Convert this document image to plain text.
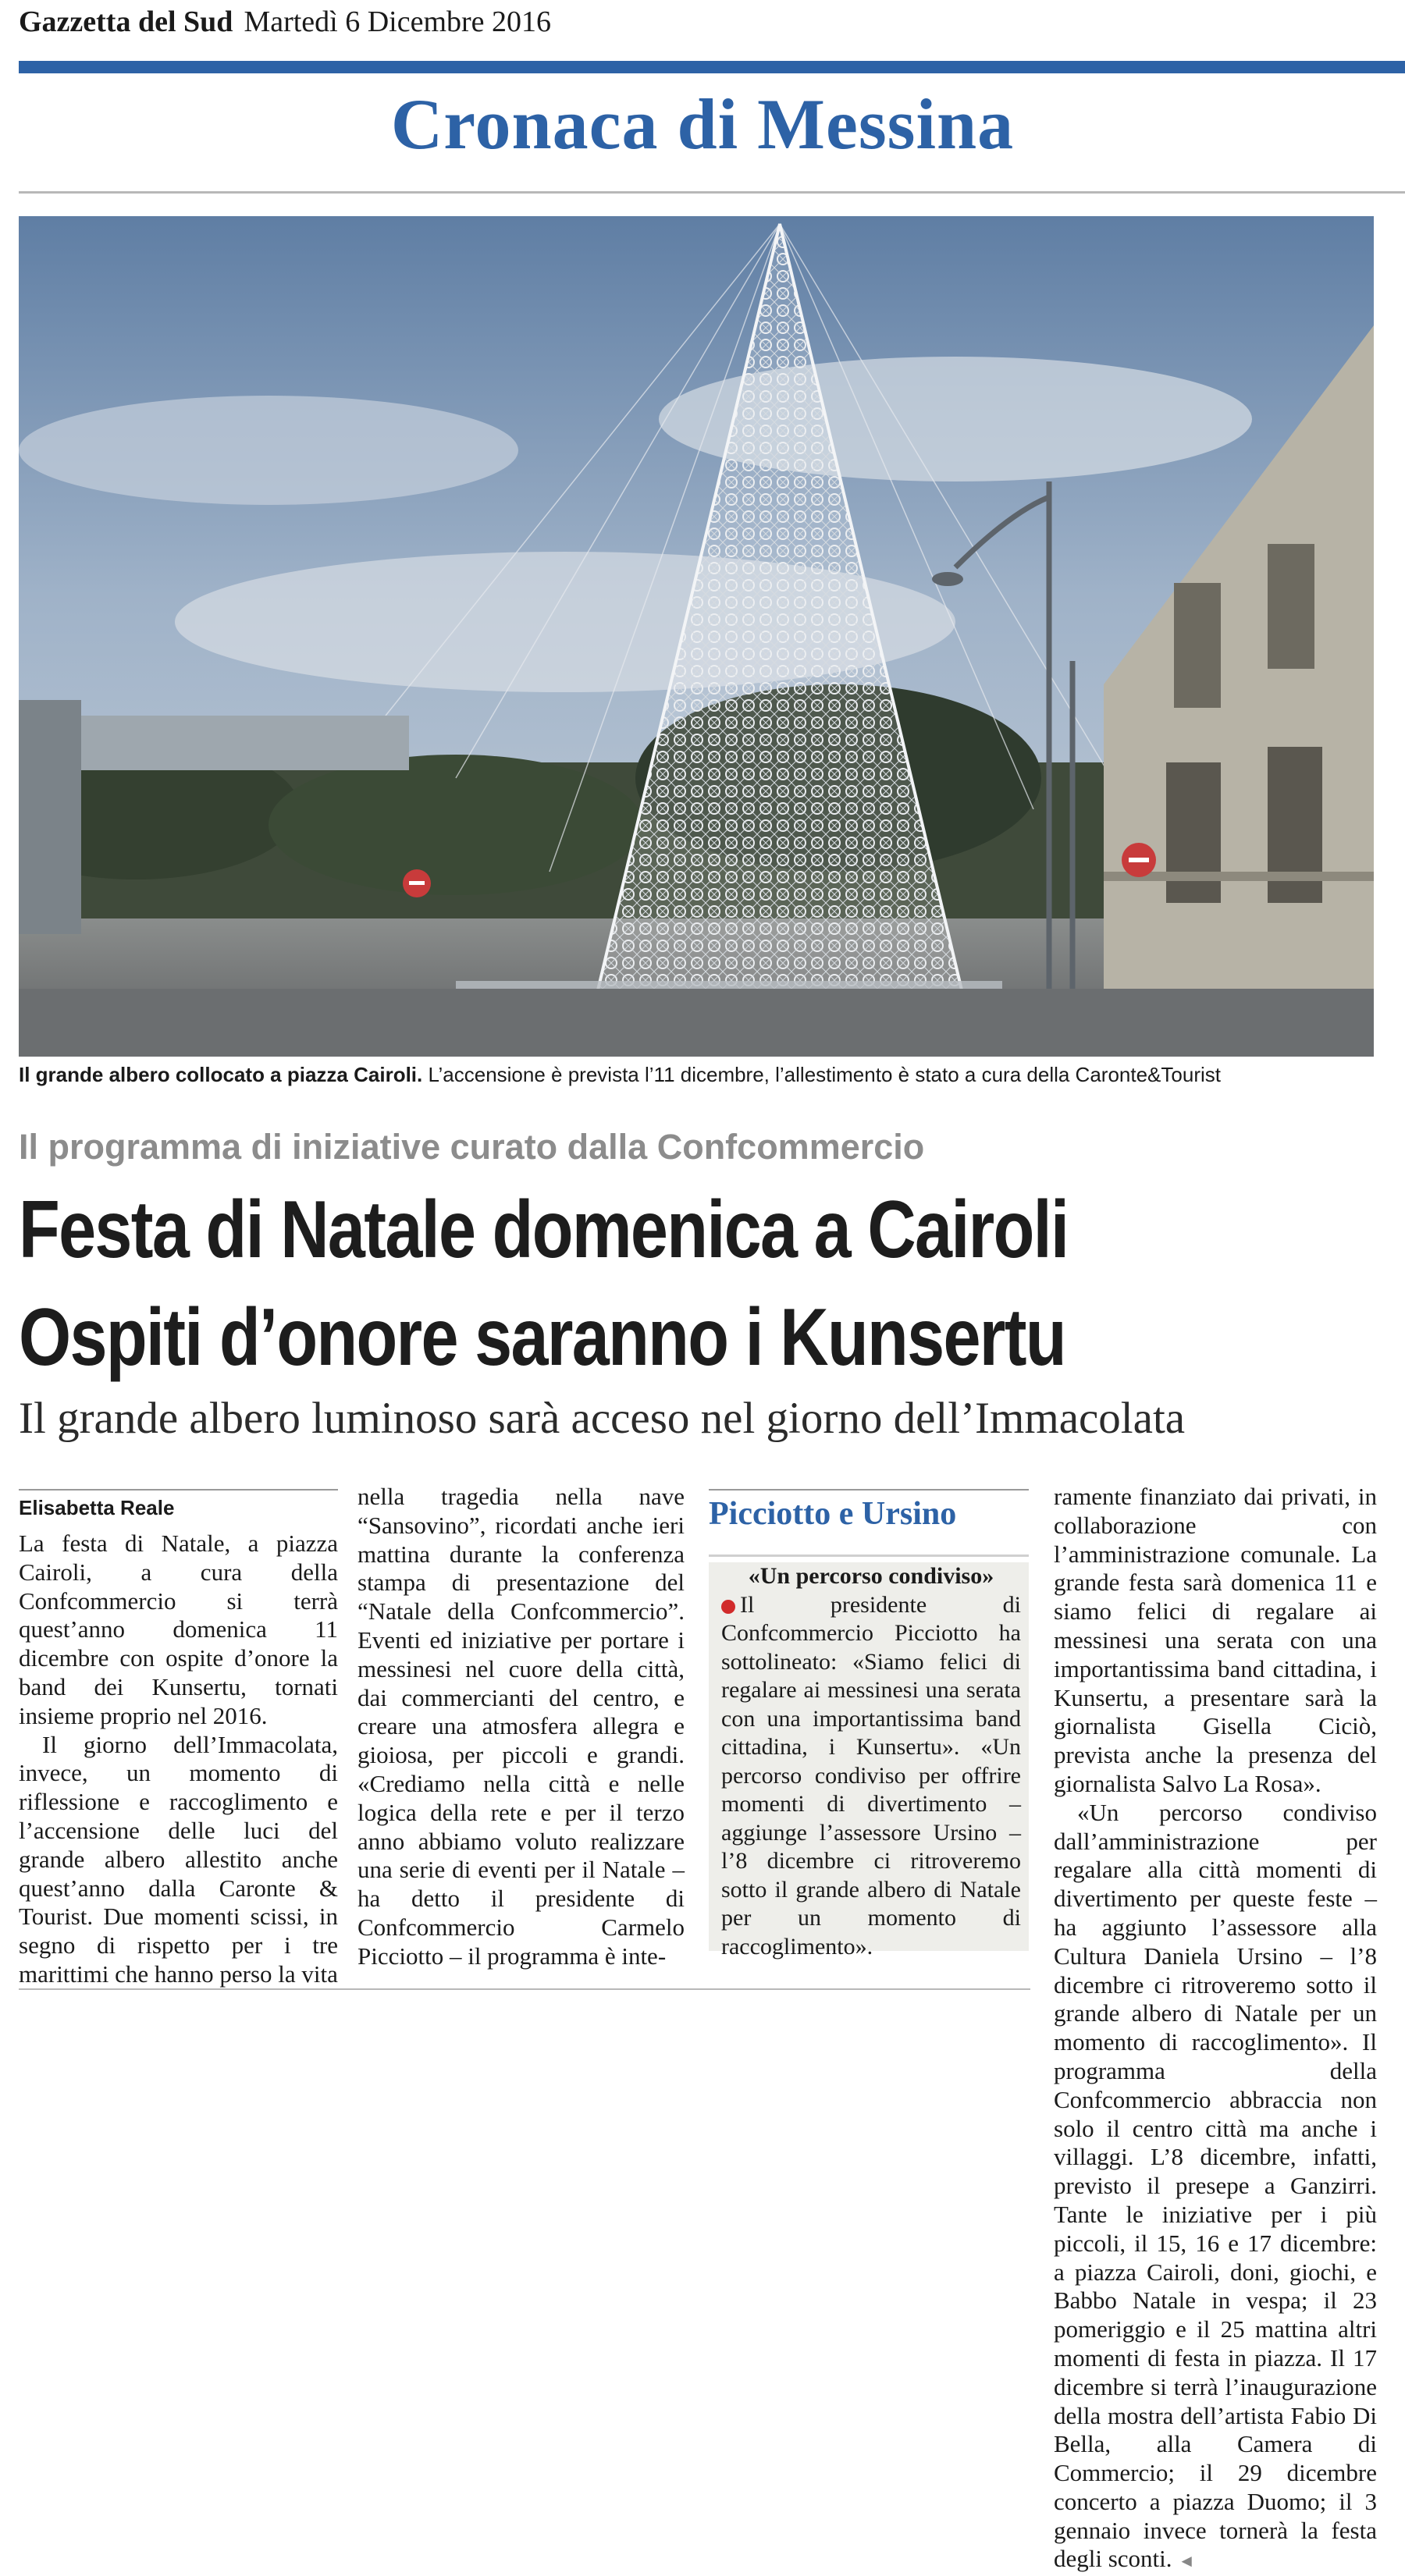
Gazzetta del Sud Martedì 6 Dicembre 2016
Cronaca di Messina
Il grande albero collocato a piazza Cairoli. L’accensione è prevista l’11 dicembre, l’allestimento è stato a cura della Caronte&Tourist
Il programma di iniziative curato dalla Confcommercio
Festa di Natale domenica a Cairoli
Ospiti d’onore saranno i Kunsertu
Il grande albero luminoso sarà acceso nel giorno dell’Immacolata
Elisabetta Reale

La festa di Natale, a piazza Cairoli, a cura della Confcommercio si terrà quest’anno domenica 11 dicembre con ospite d’onore la band dei Kunsertu, tornati insieme proprio nel 2016.

Il giorno dell’Immacolata, invece, un momento di riflessione e raccoglimento e l’accensione delle luci del grande albero allestito anche quest’anno dalla Caronte & Tourist. Due momenti scissi, in segno di rispetto per i tre marittimi che hanno perso la vita

nella tragedia nella nave “Sansovino”, ricordati anche ieri mattina durante la conferenza stampa di presentazione del “Natale della Confcommercio”. Eventi ed iniziative per portare i messinesi nel cuore della città, dai commercianti del centro, e creare una atmosfera allegra e gioiosa, per piccoli e grandi. «Crediamo nella città e nelle logica della rete e per il terzo anno abbiamo voluto realizzare una serie di eventi per il Natale – ha detto il presidente di Confcommercio Carmelo Picciotto – il programma è inte-

Picciotto e Ursino
«Un percorso condiviso»

Il presidente di Confcommercio Picciotto ha sottolineato: «Siamo felici di regalare ai messinesi una serata con una importantissima band cittadina, i Kunsertu». «Un percorso condiviso per offrire momenti di divertimento – aggiunge l’assessore Ursino – l’8 dicembre ci ritroveremo sotto il grande albero di Natale per un momento di raccoglimento».

ramente finanziato dai privati, in collaborazione con l’amministrazione comunale. La grande festa sarà domenica 11 e siamo felici di regalare ai messinesi una serata con una importantissima band cittadina, i Kunsertu, a presentare sarà la giornalista Gisella Ciciò, prevista anche la presenza del giornalista Salvo La Rosa».

«Un percorso condiviso dall’amministrazione per regalare alla città momenti di divertimento per queste feste – ha aggiunto l’assessore alla Cultura Daniela Ursino – l’8 dicembre ci ritroveremo sotto il grande albero di Natale per un momento di raccoglimento». Il programma della Confcommercio abbraccia non solo il centro città ma anche i villaggi. L’8 dicembre, infatti, previsto il presepe a Ganzirri. Tante le iniziative per i più piccoli, il 15, 16 e 17 dicembre: a piazza Cairoli, doni, giochi, e Babbo Natale in vespa; il 23 pomeriggio e il 25 mattina altri momenti di festa in piazza. Il 17 dicembre si terrà l’inaugurazione della mostra dell’artista Fabio Di Bella, alla Camera di Commercio; il 29 dicembre concerto a piazza Duomo; il 3 gennaio invece tornerà la festa degli sconti. ◄
